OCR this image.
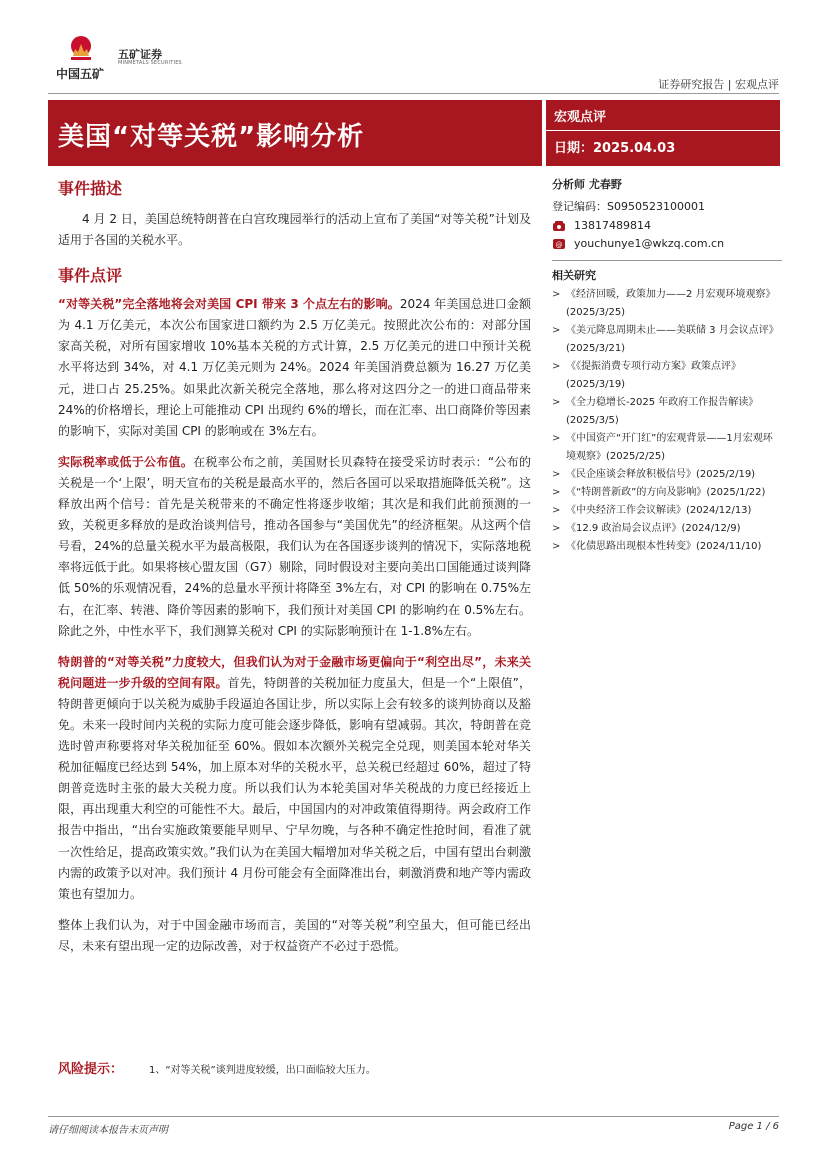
中国五矿
五矿证券
MINMETALS SECURITIES
证券研究报告 | 宏观点评
美国“对等关税”影响分析
宏观点评
日期：2025.04.03
事件描述

4 月 2 日，美国总统特朗普在白宫玫瑰园举行的活动上宣布了美国“对等关税”计划及适用于各国的关税水平。

事件点评

“对等关税”完全落地将会对美国 CPI 带来 3 个点左右的影响。2024 年美国总进口金额为 4.1 万亿美元，本次公布国家进口额约为 2.5 万亿美元。按照此次公布的：对部分国家高关税，对所有国家增收 10%基本关税的方式计算，2.5 万亿美元的进口中预计关税水平将达到 34%，对 4.1 万亿美元则为 24%。2024 年美国消费总额为 16.27 万亿美元，进口占 25.25%。如果此次新关税完全落地，那么将对这四分之一的进口商品带来 24%的价格增长，理论上可能推动 CPI 出现约 6%的增长，而在汇率、出口商降价等因素的影响下，实际对美国 CPI 的影响或在 3%左右。

实际税率或低于公布值。在税率公布之前，美国财长贝森特在接受采访时表示：“公布的关税是一个‘上限’，明天宣布的关税是最高水平的，然后各国可以采取措施降低关税”。这释放出两个信号：首先是关税带来的不确定性将逐步收缩；其次是和我们此前预测的一致，关税更多释放的是政治谈判信号，推动各国参与“美国优先”的经济框架。从这两个信号看，24%的总量关税水平为最高极限，我们认为在各国逐步谈判的情况下，实际落地税率将远低于此。如果将核心盟友国（G7）剔除，同时假设对主要向美出口国能通过谈判降低 50%的乐观情况看，24%的总量水平预计将降至 3%左右，对 CPI 的影响在 0.75%左右，在汇率、转港、降价等因素的影响下，我们预计对美国 CPI 的影响约在 0.5%左右。除此之外，中性水平下，我们测算关税对 CPI 的实际影响预计在 1-1.8%左右。

特朗普的“对等关税”力度较大，但我们认为对于金融市场更偏向于“利空出尽”，未来关税问题进一步升级的空间有限。首先，特朗普的关税加征力度虽大，但是一个“上限值”，特朗普更倾向于以关税为威胁手段逼迫各国让步，所以实际上会有较多的谈判协商以及豁免。未来一段时间内关税的实际力度可能会逐步降低，影响有望减弱。其次，特朗普在竞选时曾声称要将对华关税加征至 60%。假如本次额外关税完全兑现，则美国本轮对华关税加征幅度已经达到 54%，加上原本对华的关税水平，总关税已经超过 60%，超过了特朗普竞选时主张的最大关税力度。所以我们认为本轮美国对华关税战的力度已经接近上限，再出现重大利空的可能性不大。最后，中国国内的对冲政策值得期待。两会政府工作报告中指出，“出台实施政策要能早则早、宁早勿晚，与各种不确定性抢时间，看准了就一次性给足，提高政策实效。”我们认为在美国大幅增加对华关税之后，中国有望出台刺激内需的政策予以对冲。我们预计 4 月份可能会有全面降准出台，刺激消费和地产等内需政策也有望加力。

整体上我们认为，对于中国金融市场而言，美国的“对等关税”利空虽大，但可能已经出尽，未来有望出现一定的边际改善，对于权益资产不必过于恐慌。

风险提示：	1、“对等关税”谈判进度较缓，出口面临较大压力。
分析师 尤春野
登记编码：S0950523100001
13817489814
@ youchunye1@wkzq.com.cn
相关研究
> 《经济回暖，政策加力——2 月宏观环境观察》(2025/3/25)
> 《美元降息周期未止——美联储 3 月会议点评》(2025/3/21)
> 《《提振消费专项行动方案》政策点评》(2025/3/19)
> 《全力稳增长-2025 年政府工作报告解读》(2025/3/5)
> 《中国资产“开门红”的宏观背景——1月宏观环境观察》(2025/2/25)
> 《民企座谈会释放积极信号》(2025/2/19)
> 《“特朗普新政”的方向及影响》(2025/1/22)
> 《中央经济工作会议解读》(2024/12/13)
> 《12.9 政治局会议点评》(2024/12/9)
> 《化债思路出现根本性转变》(2024/11/10)
请仔细阅读本报告末页声明	Page 1 / 6
